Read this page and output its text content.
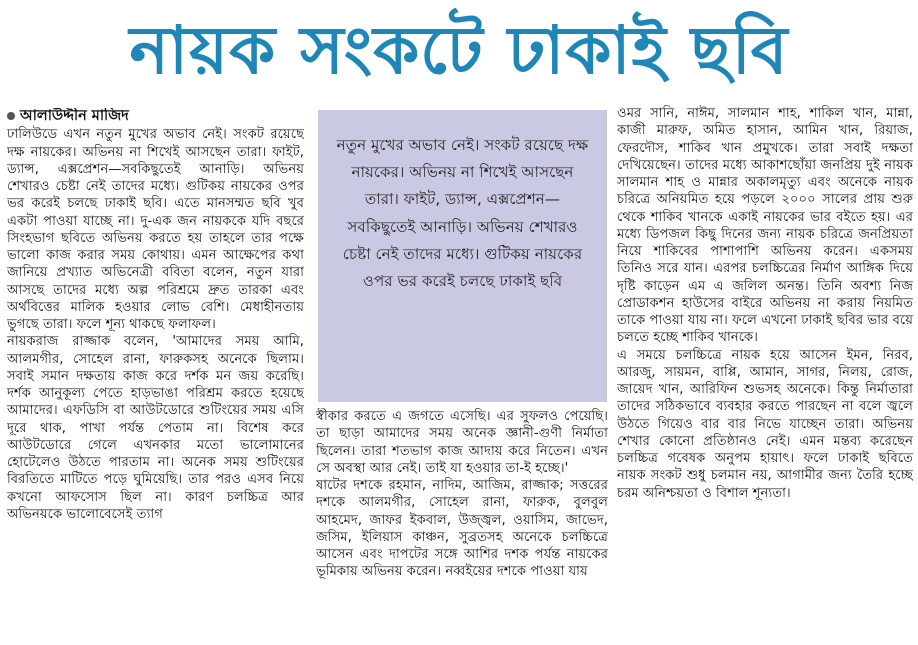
নায়ক সংকটে ঢাকাই ছবি
আলাউদ্দীন মাজিদ

ঢালিউডে এখন নতুন মুখের অভাব নেই। সংকট রয়েছে দক্ষ নায়কের। অভিনয় না শিখেই আসছেন তারা। ফাইট, ড্যান্স, এক্সপ্রেশন—সবকিছুতেই আনাড়ি। অভিনয় শেখারও চেষ্টা নেই তাদের মধ্যে। গুটিকয় নায়কের ওপর ভর করেই চলছে ঢাকাই ছবি। এতে মানসম্মত ছবি খুব একটা পাওয়া যাচ্ছে না। দু-এক জন নায়ককে যদি বছরে সিংহভাগ ছবিতে অভিনয় করতে হয় তাহলে তার পক্ষে ভালো কাজ করার সময় কোথায়। এমন আক্ষেপের কথা জানিয়ে প্রখ্যাত অভিনেত্রী ববিতা বলেন, নতুন যারা আসছে তাদের মধ্যে অল্প পরিশ্রমে দ্রুত তারকা এবং অর্থবিত্তের মালিক হওয়ার লোভ বেশি। মেধাহীনতায় ভুগছে তারা। ফলে শূন্য থাকছে ফলাফল।

নায়করাজ রাজ্জাক বলেন, 'আমাদের সময় আমি, আলমগীর, সোহেল রানা, ফারুকসহ অনেকে ছিলাম। সবাই সমান দক্ষতায় কাজ করে দর্শক মন জয় করেছি। দর্শক আনুকূল্য পেতে হাড়ভাঙা পরিশ্রম করতে হয়েছে আমাদের। এফডিসি বা আউটডোরে শুটিংয়ের সময় এসি দূরে থাক, পাখা পর্যন্ত পেতাম না। বিশেষ করে আউটডোরে গেলে এখনকার মতো ভালোমানের হোটেলেও উঠতে পারতাম না। অনেক সময় শুটিংয়ের বিরতিতে মাটিতে পড়ে ঘুমিয়েছি। তার পরও এসব নিয়ে কখনো আফসোস ছিল না। কারণ চলচ্চিত্র আর অভিনয়কে ভালোবেসেই ত্যাগ

নতুন মুখের অভাব নেই। সংকট রয়েছে দক্ষ নায়কের। অভিনয় না শিখেই আসছেন তারা। ফাইট, ড্যান্স, এক্সপ্রেশন— সবকিছুতেই আনাড়ি। অভিনয় শেখারও চেষ্টা নেই তাদের মধ্যে। গুটিকয় নায়কের ওপর ভর করেই চলছে ঢাকাই ছবি

স্বীকার করতে এ জগতে এসেছি। এর সুফলও পেয়েছি। তা ছাড়া আমাদের সময় অনেক জ্ঞানী-গুণী নির্মাতা ছিলেন। তারা শতভাগ কাজ আদায় করে নিতেন। এখন সে অবস্থা আর নেই। তাই যা হওয়ার তা-ই হচ্ছে।'

ষাটের দশকে রহমান, নাদিম, আজিম, রাজ্জাক; সত্তরের দশকে আলমগীর, সোহেল রানা, ফারুক, বুলবুল আহমেদ, জাফর ইকবাল, উজ্জ্বল, ওয়াসিম, জাভেদ, জসিম, ইলিয়াস কাঞ্চন, সুব্রতসহ অনেকে চলচ্চিত্রে আসেন এবং দাপটের সঙ্গে আশির দশক পর্যন্ত নায়কের ভূমিকায় অভিনয় করেন। নব্বইয়ের দশকে পাওয়া যায়

ওমর সানি, নাঈম, সালমান শাহ, শাকিল খান, মান্না, কাজী মারুফ, অমিত হাসান, আমিন খান, রিয়াজ, ফেরদৌস, শাকিব খান প্রমুখকে। তারা সবাই দক্ষতা দেখিয়েছেন। তাদের মধ্যে আকাশছোঁয়া জনপ্রিয় দুই নায়ক সালমান শাহ ও মান্নার অকালমৃত্যু এবং অনেকে নায়ক চরিত্রে অনিয়মিত হয়ে পড়লে ২০০০ সালের প্রায় শুরু থেকে শাকিব খানকে একাই নায়কের ভার বইতে হয়। এর মধ্যে ডিপজল কিছু দিনের জন্য নায়ক চরিত্রে জনপ্রিয়তা নিয়ে শাকিবের পাশাপাশি অভিনয় করেন। একসময় তিনিও সরে যান। এরপর চলচ্চিত্রের নির্মাণ আঙ্গিক দিয়ে দৃষ্টি কাড়েন এম এ জলিল অনন্ত। তিনি অবশ্য নিজ প্রোডাকশন হাউসের বাইরে অভিনয় না করায় নিয়মিত তাকে পাওয়া যায় না। ফলে এখনো ঢাকাই ছবির ভার বয়ে চলতে হচ্ছে শাকিব খানকে।

এ সময়ে চলচ্চিত্রে নায়ক হয়ে আসেন ইমন, নিরব, আরজু, সায়মন, বাপ্পি, আমান, সাগর, নিলয়, রোজ, জায়েদ খান, আরিফিন শুভসহ অনেকে। কিন্তু নির্মাতারা তাদের সঠিকভাবে ব্যবহার করতে পারছেন না বলে জ্বলে উঠতে গিয়েও বার বার নিভে যাচ্ছেন তারা। অভিনয় শেখার কোনো প্রতিষ্ঠানও নেই। এমন মন্তব্য করেছেন চলচ্চিত্র গবেষক অনুপম হায়াৎ। ফলে ঢাকাই ছবিতে নায়ক সংকট শুধু চলমান নয়, আগামীর জন্য তৈরি হচ্ছে চরম অনিশ্চয়তা ও বিশাল শূন্যতা।
